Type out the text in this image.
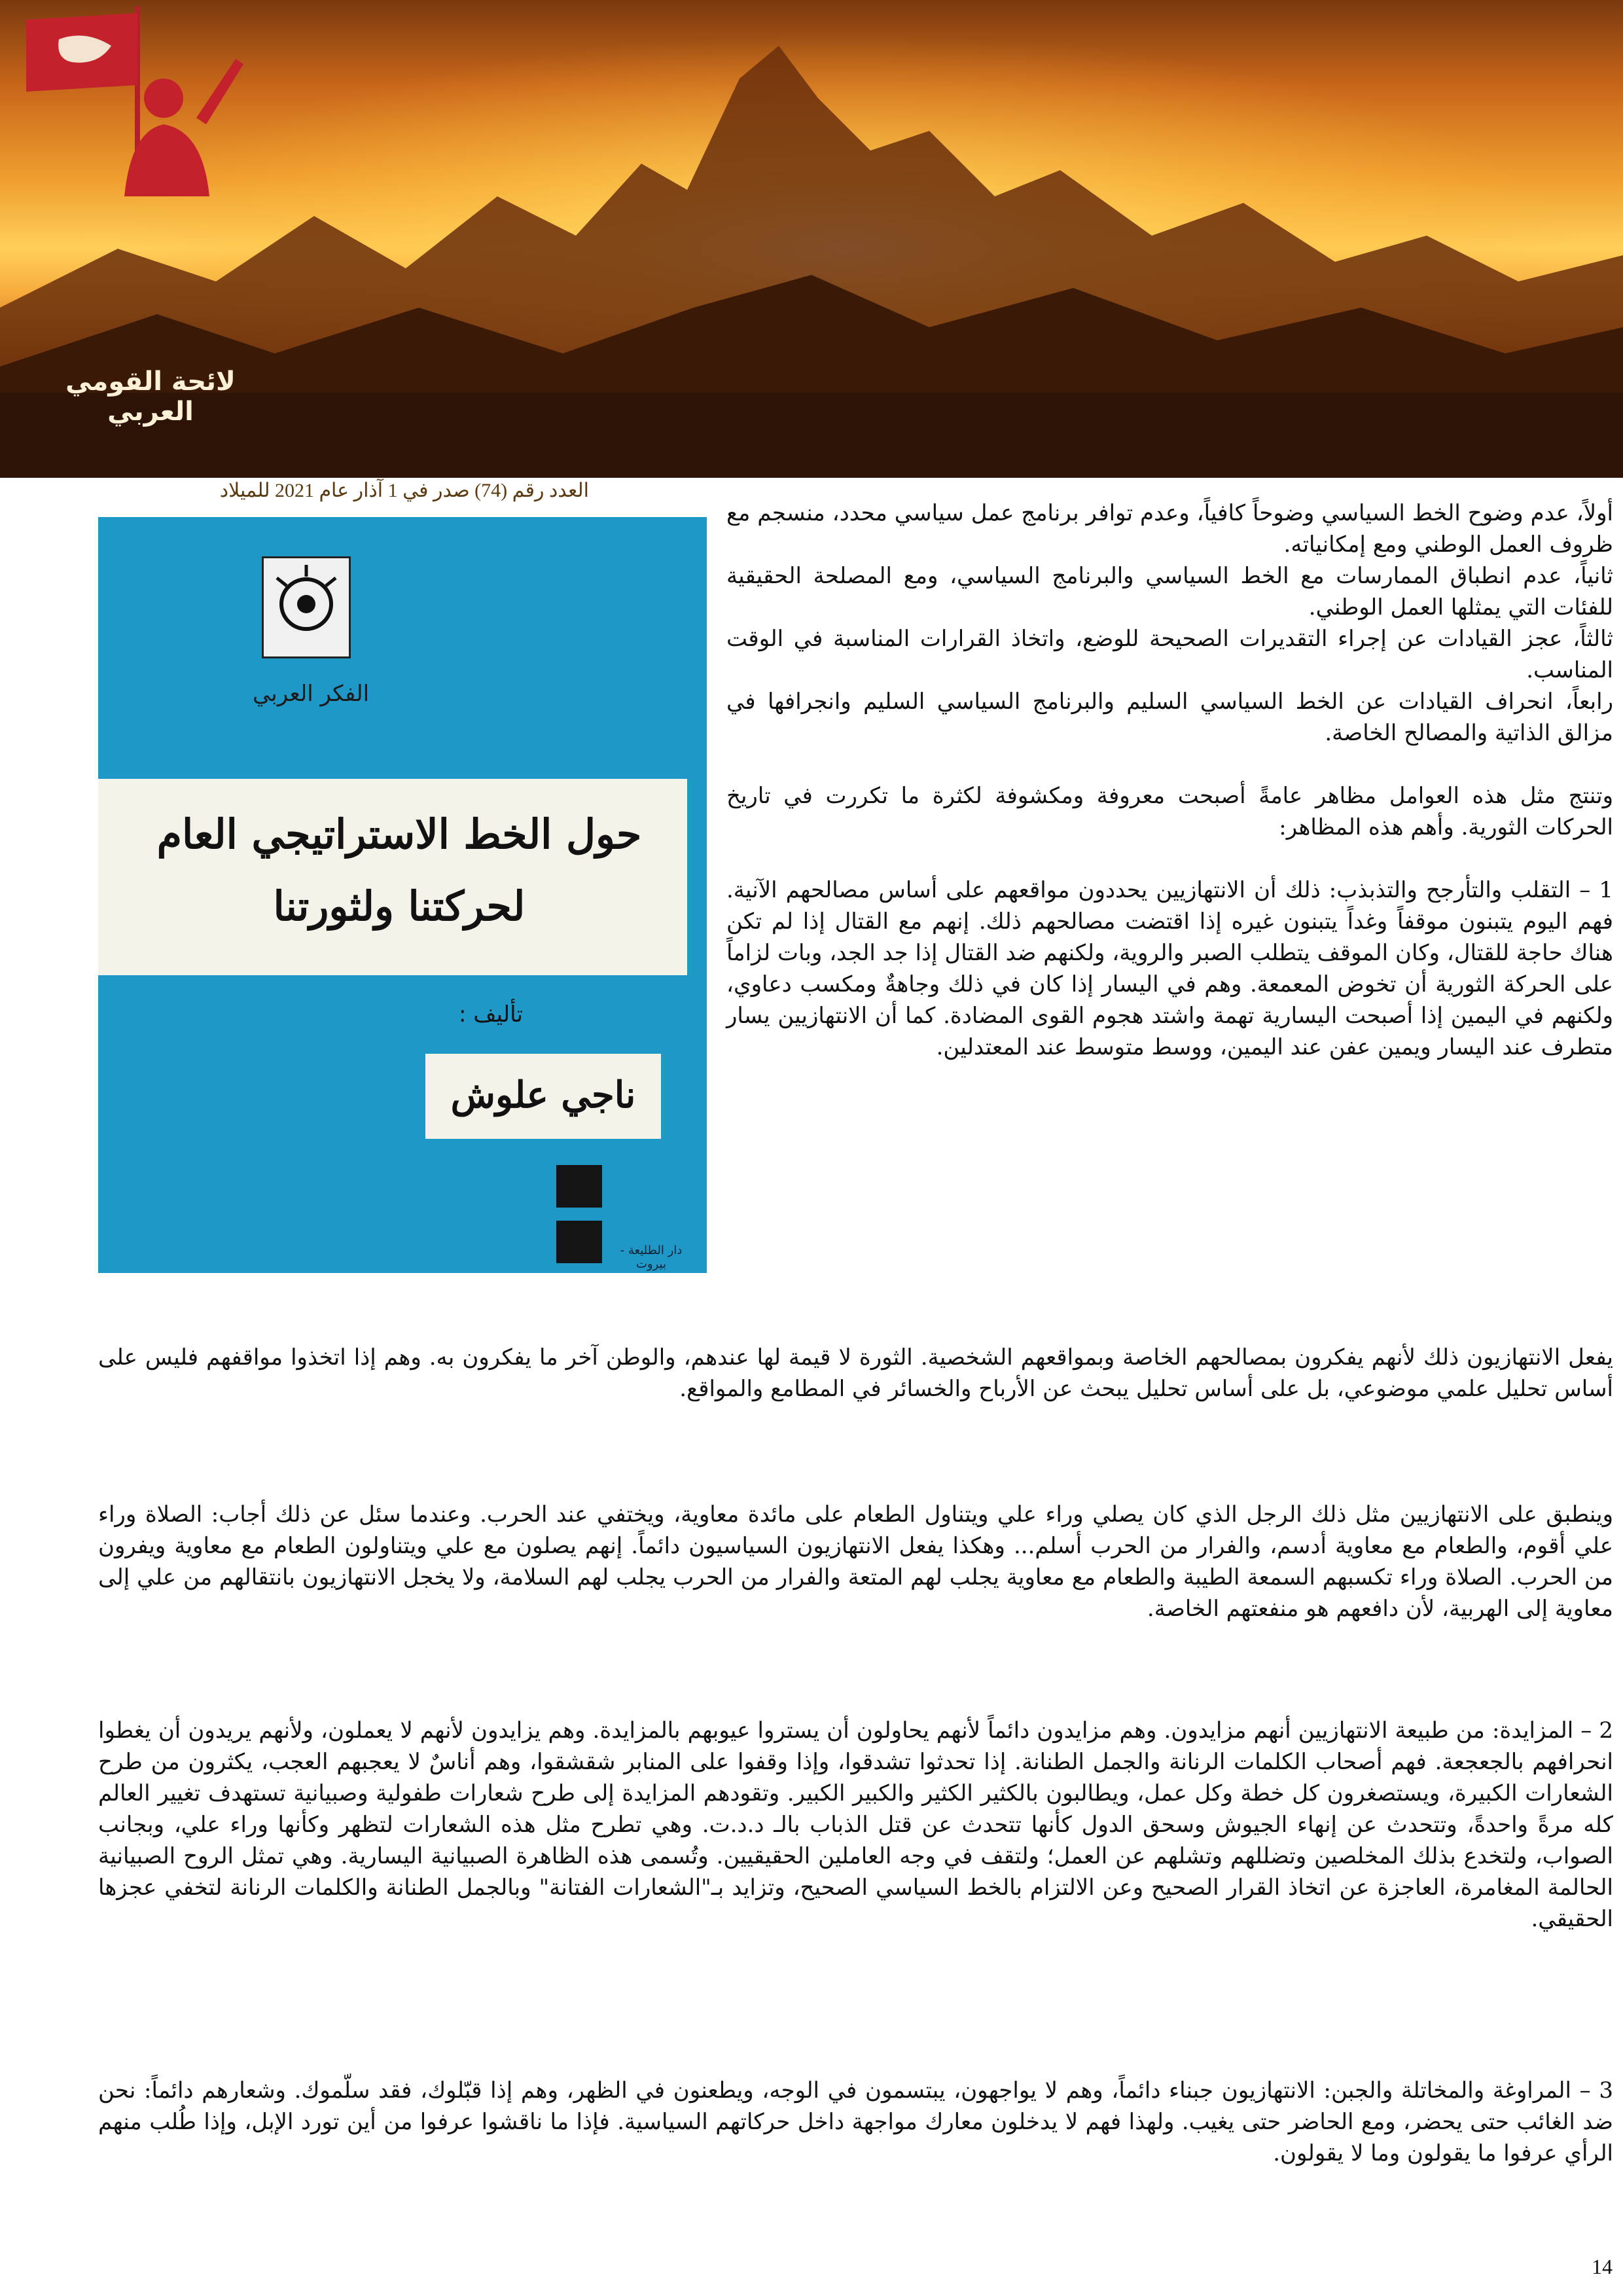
لائحة القومي العربي
العدد رقم (74) صدر في 1 آذار عام 2021 للميلاد
الفكر العربي
حول الخط الاستراتيجي العام
لحركتنا ولثورتنا
تأليف :
ناجي علوش
دار الطليعة - بيروت

أولاً، عدم وضوح الخط السياسي وضوحاً كافياً، وعدم توافر برنامج عمل سياسي محدد، منسجم مع ظروف العمل الوطني ومع إمكانياته.

ثانياً، عدم انطباق الممارسات مع الخط السياسي والبرنامج السياسي، ومع المصلحة الحقيقية للفئات التي يمثلها العمل الوطني.

ثالثاً، عجز القيادات عن إجراء التقديرات الصحيحة للوضع، واتخاذ القرارات المناسبة في الوقت المناسب.

رابعاً، انحراف القيادات عن الخط السياسي السليم والبرنامج السياسي السليم وانجرافها في مزالق الذاتية والمصالح الخاصة.

وتنتج مثل هذه العوامل مظاهر عامةً أصبحت معروفة ومكشوفة لكثرة ما تكررت في تاريخ الحركات الثورية. وأهم هذه المظاهر:

1 – التقلب والتأرجح والتذبذب: ذلك أن الانتهازيين يحددون مواقعهم على أساس مصالحهم الآنية. فهم اليوم يتبنون موقفاً وغداً يتبنون غيره إذا اقتضت مصالحهم ذلك. إنهم مع القتال إذا لم تكن هناك حاجة للقتال، وكان الموقف يتطلب الصبر والروية، ولكنهم ضد القتال إذا جد الجد، وبات لزاماً على الحركة الثورية أن تخوض المعمعة. وهم في اليسار إذا كان في ذلك وجاهةٌ ومكسب دعاوي، ولكنهم في اليمين إذا أصبحت اليسارية تهمة واشتد هجوم القوى المضادة. كما أن الانتهازيين يسار متطرف عند اليسار ويمين عفن عند اليمين، ووسط متوسط عند المعتدلين.

يفعل الانتهازيون ذلك لأنهم يفكرون بمصالحهم الخاصة وبمواقعهم الشخصية. الثورة لا قيمة لها عندهم، والوطن آخر ما يفكرون به. وهم إذا اتخذوا مواقفهم فليس على أساس تحليل علمي موضوعي، بل على أساس تحليل يبحث عن الأرباح والخسائر في المطامع والمواقع.

وينطبق على الانتهازيين مثل ذلك الرجل الذي كان يصلي وراء علي ويتناول الطعام على مائدة معاوية، ويختفي عند الحرب. وعندما سئل عن ذلك أجاب: الصلاة وراء علي أقوم، والطعام مع معاوية أدسم، والفرار من الحرب أسلم... وهكذا يفعل الانتهازيون السياسيون دائماً. إنهم يصلون مع علي ويتناولون الطعام مع معاوية ويفرون من الحرب. الصلاة وراء تكسبهم السمعة الطيبة والطعام مع معاوية يجلب لهم المتعة والفرار من الحرب يجلب لهم السلامة، ولا يخجل الانتهازيون بانتقالهم من علي إلى معاوية إلى الهربية، لأن دافعهم هو منفعتهم الخاصة.

2 – المزايدة: من طبيعة الانتهازيين أنهم مزايدون. وهم مزايدون دائماً لأنهم يحاولون أن يستروا عيوبهم بالمزايدة. وهم يزايدون لأنهم لا يعملون، ولأنهم يريدون أن يغطوا انحرافهم بالجعجعة. فهم أصحاب الكلمات الرنانة والجمل الطنانة. إذا تحدثوا تشدقوا، وإذا وقفوا على المنابر شقشقوا، وهم أناسٌ لا يعجبهم العجب، يكثرون من طرح الشعارات الكبيرة، ويستصغرون كل خطة وكل عمل، ويطالبون بالكثير الكثير والكبير الكبير. وتقودهم المزايدة إلى طرح شعارات طفولية وصبيانية تستهدف تغيير العالم كله مرةً واحدةً، وتتحدث عن إنهاء الجيوش وسحق الدول كأنها تتحدث عن قتل الذباب بالـ د.د.ت. وهي تطرح مثل هذه الشعارات لتظهر وكأنها وراء علي، وبجانب الصواب، ولتخدع بذلك المخلصين وتضللهم وتشلهم عن العمل؛ ولتقف في وجه العاملين الحقيقيين. وتُسمى هذه الظاهرة الصبيانية اليسارية. وهي تمثل الروح الصبيانية الحالمة المغامرة، العاجزة عن اتخاذ القرار الصحيح وعن الالتزام بالخط السياسي الصحيح، وتزايد بـ"الشعارات الفتانة" وبالجمل الطنانة والكلمات الرنانة لتخفي عجزها الحقيقي.

3 – المراوغة والمخاتلة والجبن: الانتهازيون جبناء دائماً، وهم لا يواجهون، يبتسمون في الوجه، ويطعنون في الظهر، وهم إذا قبّلوك، فقد سلّموك. وشعارهم دائماً: نحن ضد الغائب حتى يحضر، ومع الحاضر حتى يغيب. ولهذا فهم لا يدخلون معارك مواجهة داخل حركاتهم السياسية. فإذا ما ناقشوا عرفوا من أين تورد الإبل، وإذا طُلب منهم الرأي عرفوا ما يقولون وما لا يقولون.

14
